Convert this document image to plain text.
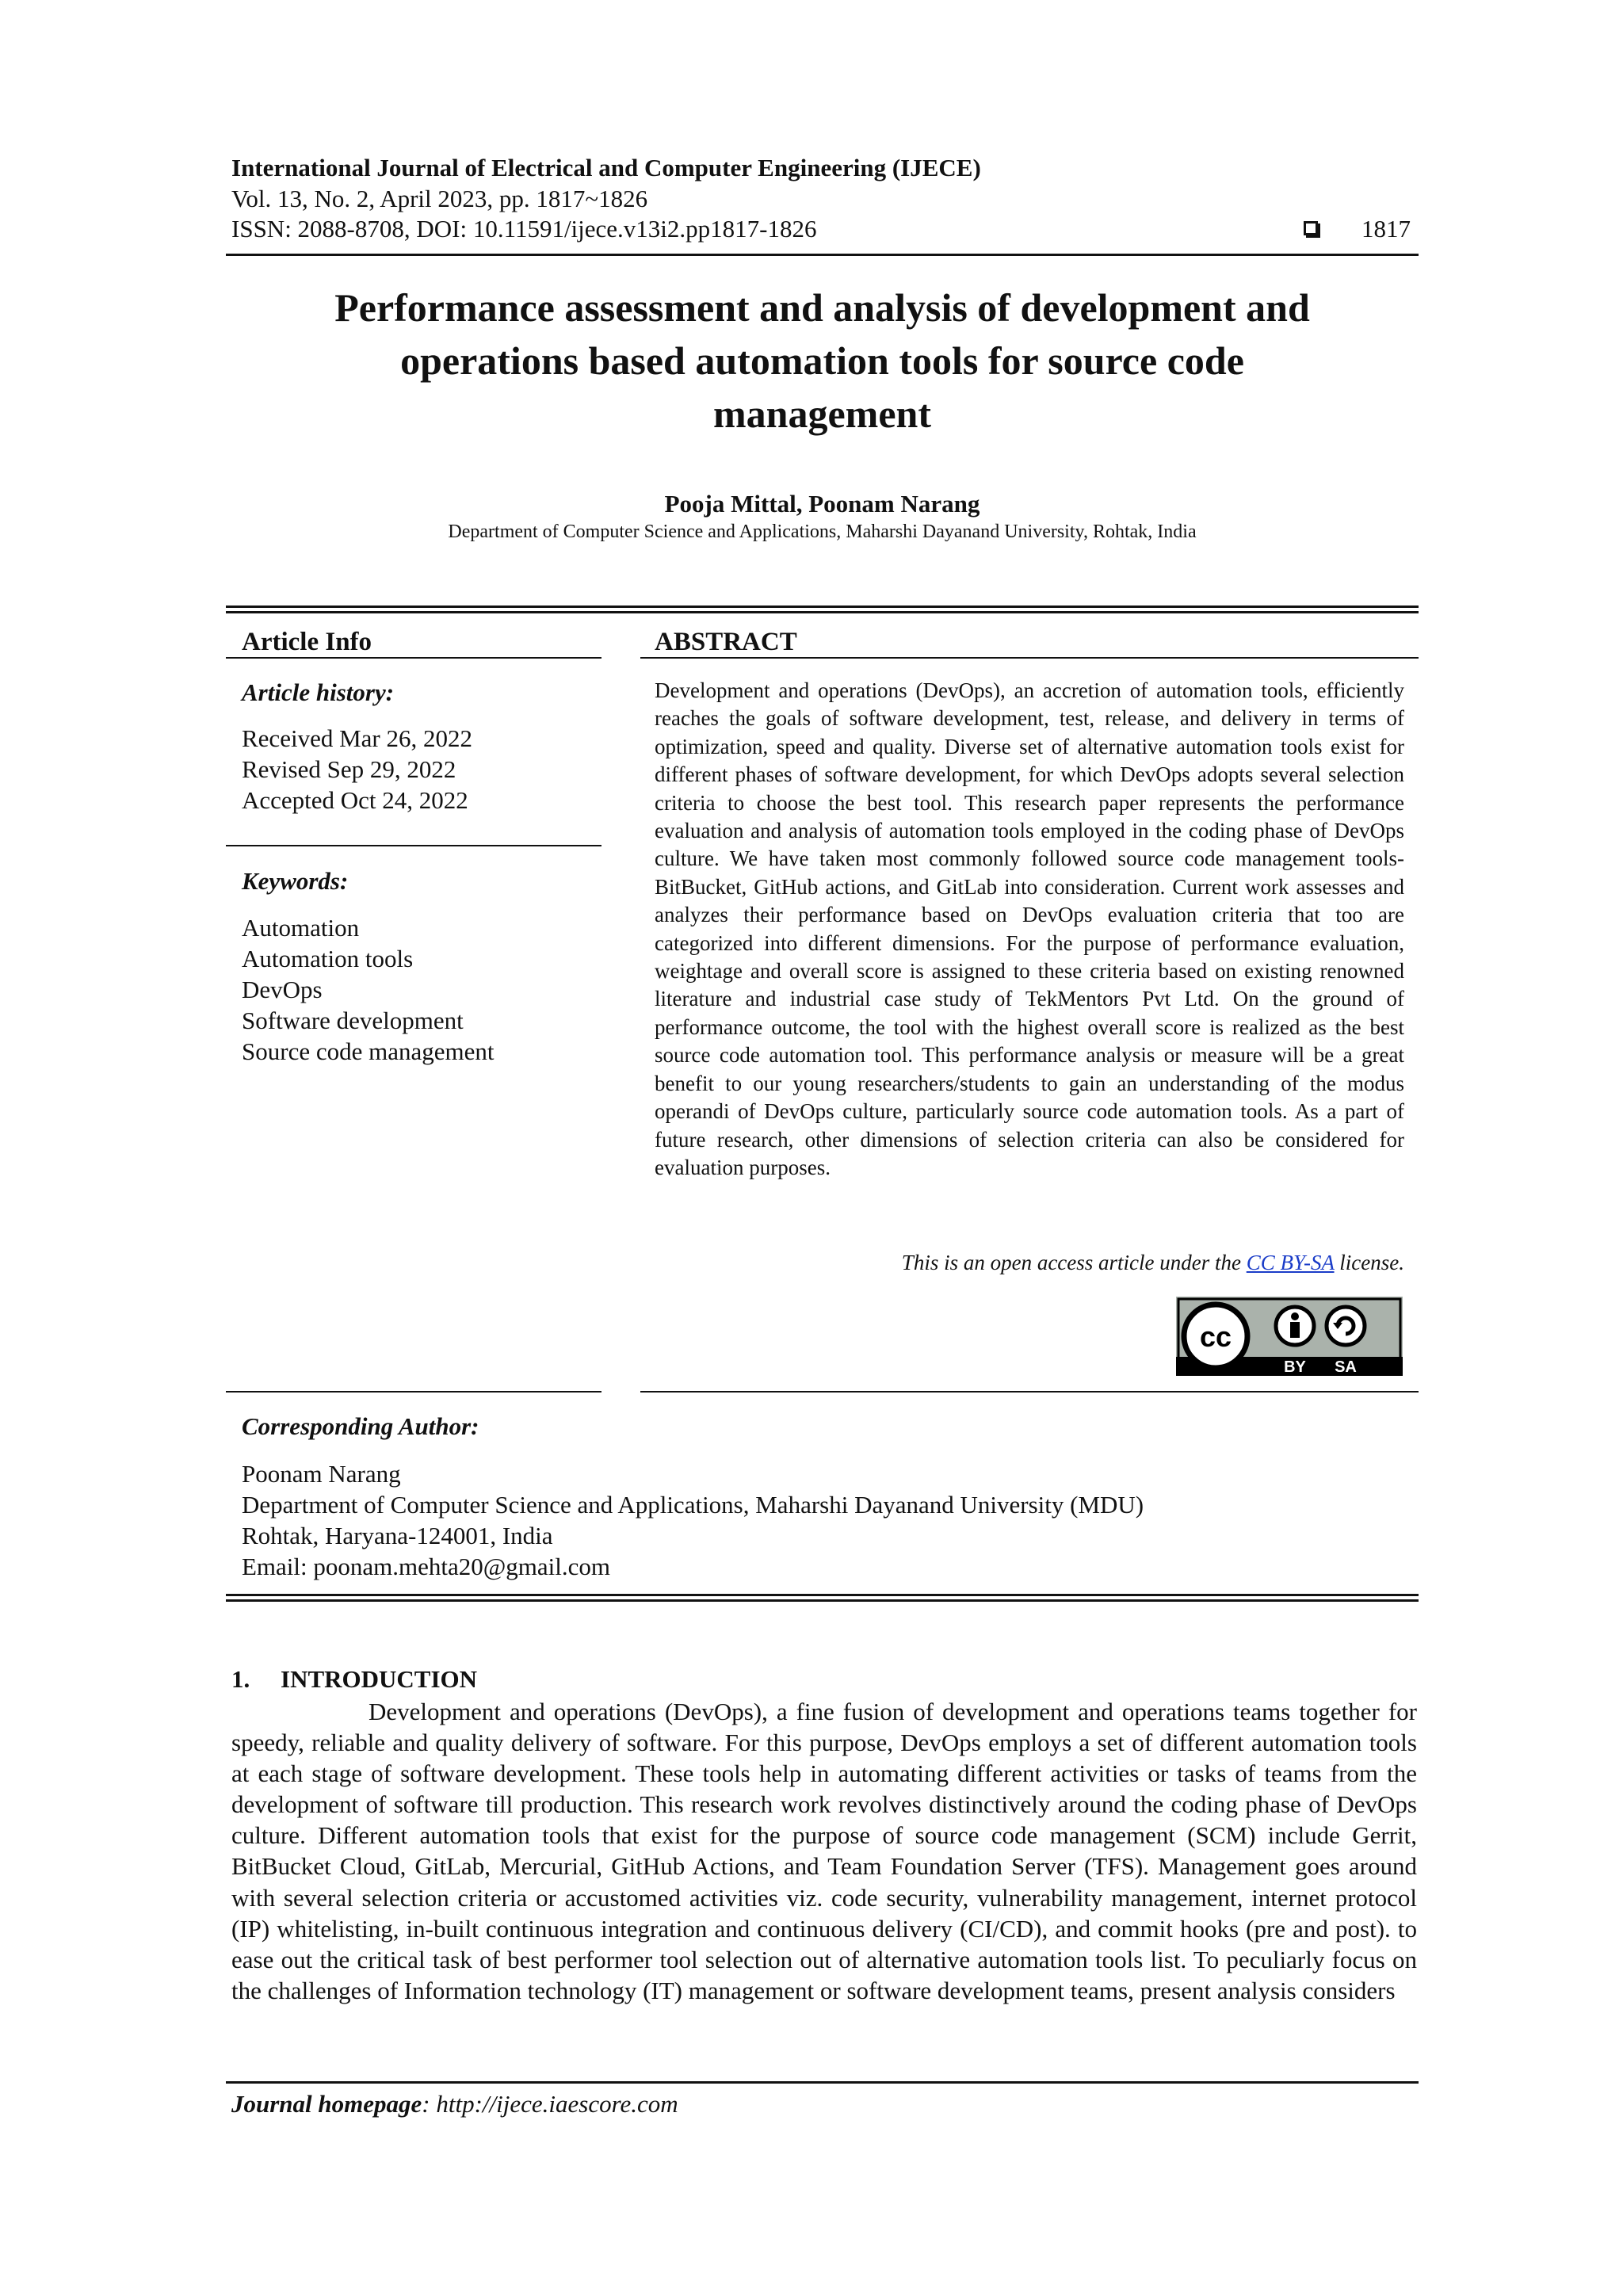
International Journal of Electrical and Computer Engineering (IJECE)
Vol. 13, No. 2, April 2023, pp. 1817~1826
ISSN: 2088-8708, DOI: 10.11591/ijece.v13i2.pp1817-1826	1817
Performance assessment and analysis of development and
operations based automation tools for source code
management
Pooja Mittal, Poonam Narang
Department of Computer Science and Applications, Maharshi Dayanand University, Rohtak, India
Article Info
Article history:
Received Mar 26, 2022
Revised Sep 29, 2022
Accepted Oct 24, 2022
Keywords:
Automation
Automation tools
DevOps
Software development
Source code management
ABSTRACT
Development and operations (DevOps), an accretion of automation tools, efficiently reaches the goals of software development, test, release, and delivery in terms of optimization, speed and quality. Diverse set of alternative automation tools exist for different phases of software development, for which DevOps adopts several selection criteria to choose the best tool. This research paper represents the performance evaluation and analysis of automation tools employed in the coding phase of DevOps culture. We have taken most commonly followed source code management tools-BitBucket, GitHub actions, and GitLab into consideration. Current work assesses and analyzes their performance based on DevOps evaluation criteria that too are categorized into different dimensions. For the purpose of performance evaluation, weightage and overall score is assigned to these criteria based on existing renowned literature and industrial case study of TekMentors Pvt Ltd. On the ground of performance outcome, the tool with the highest overall score is realized as the best source code automation tool. This performance analysis or measure will be a great benefit to our young researchers/students to gain an understanding of the modus operandi of DevOps culture, particularly source code automation tools. As a part of future research, other dimensions of selection criteria can also be considered for evaluation purposes.
This is an open access article under the CC BY-SA license.
cc
BY SA
Corresponding Author:
Poonam Narang
Department of Computer Science and Applications, Maharshi Dayanand University (MDU)
Rohtak, Haryana-124001, India
Email: poonam.mehta20@gmail.com
1.     INTRODUCTION
Development and operations (DevOps), a fine fusion of development and operations teams together for speedy, reliable and quality delivery of software. For this purpose, DevOps employs a set of different automation tools at each stage of software development. These tools help in automating different activities or tasks of teams from the development of software till production. This research work revolves distinctively around the coding phase of DevOps culture. Different automation tools that exist for the purpose of source code management (SCM) include Gerrit, BitBucket Cloud, GitLab, Mercurial, GitHub Actions, and Team Foundation Server (TFS). Management goes around with several selection criteria or accustomed activities viz. code security, vulnerability management, internet protocol (IP) whitelisting, in-built continuous integration and continuous delivery (CI/CD), and commit hooks (pre and post). to ease out the critical task of best performer tool selection out of alternative automation tools list. To peculiarly focus on the challenges of Information technology (IT) management or software development teams, present analysis considers
Journal homepage: http://ijece.iaescore.com
